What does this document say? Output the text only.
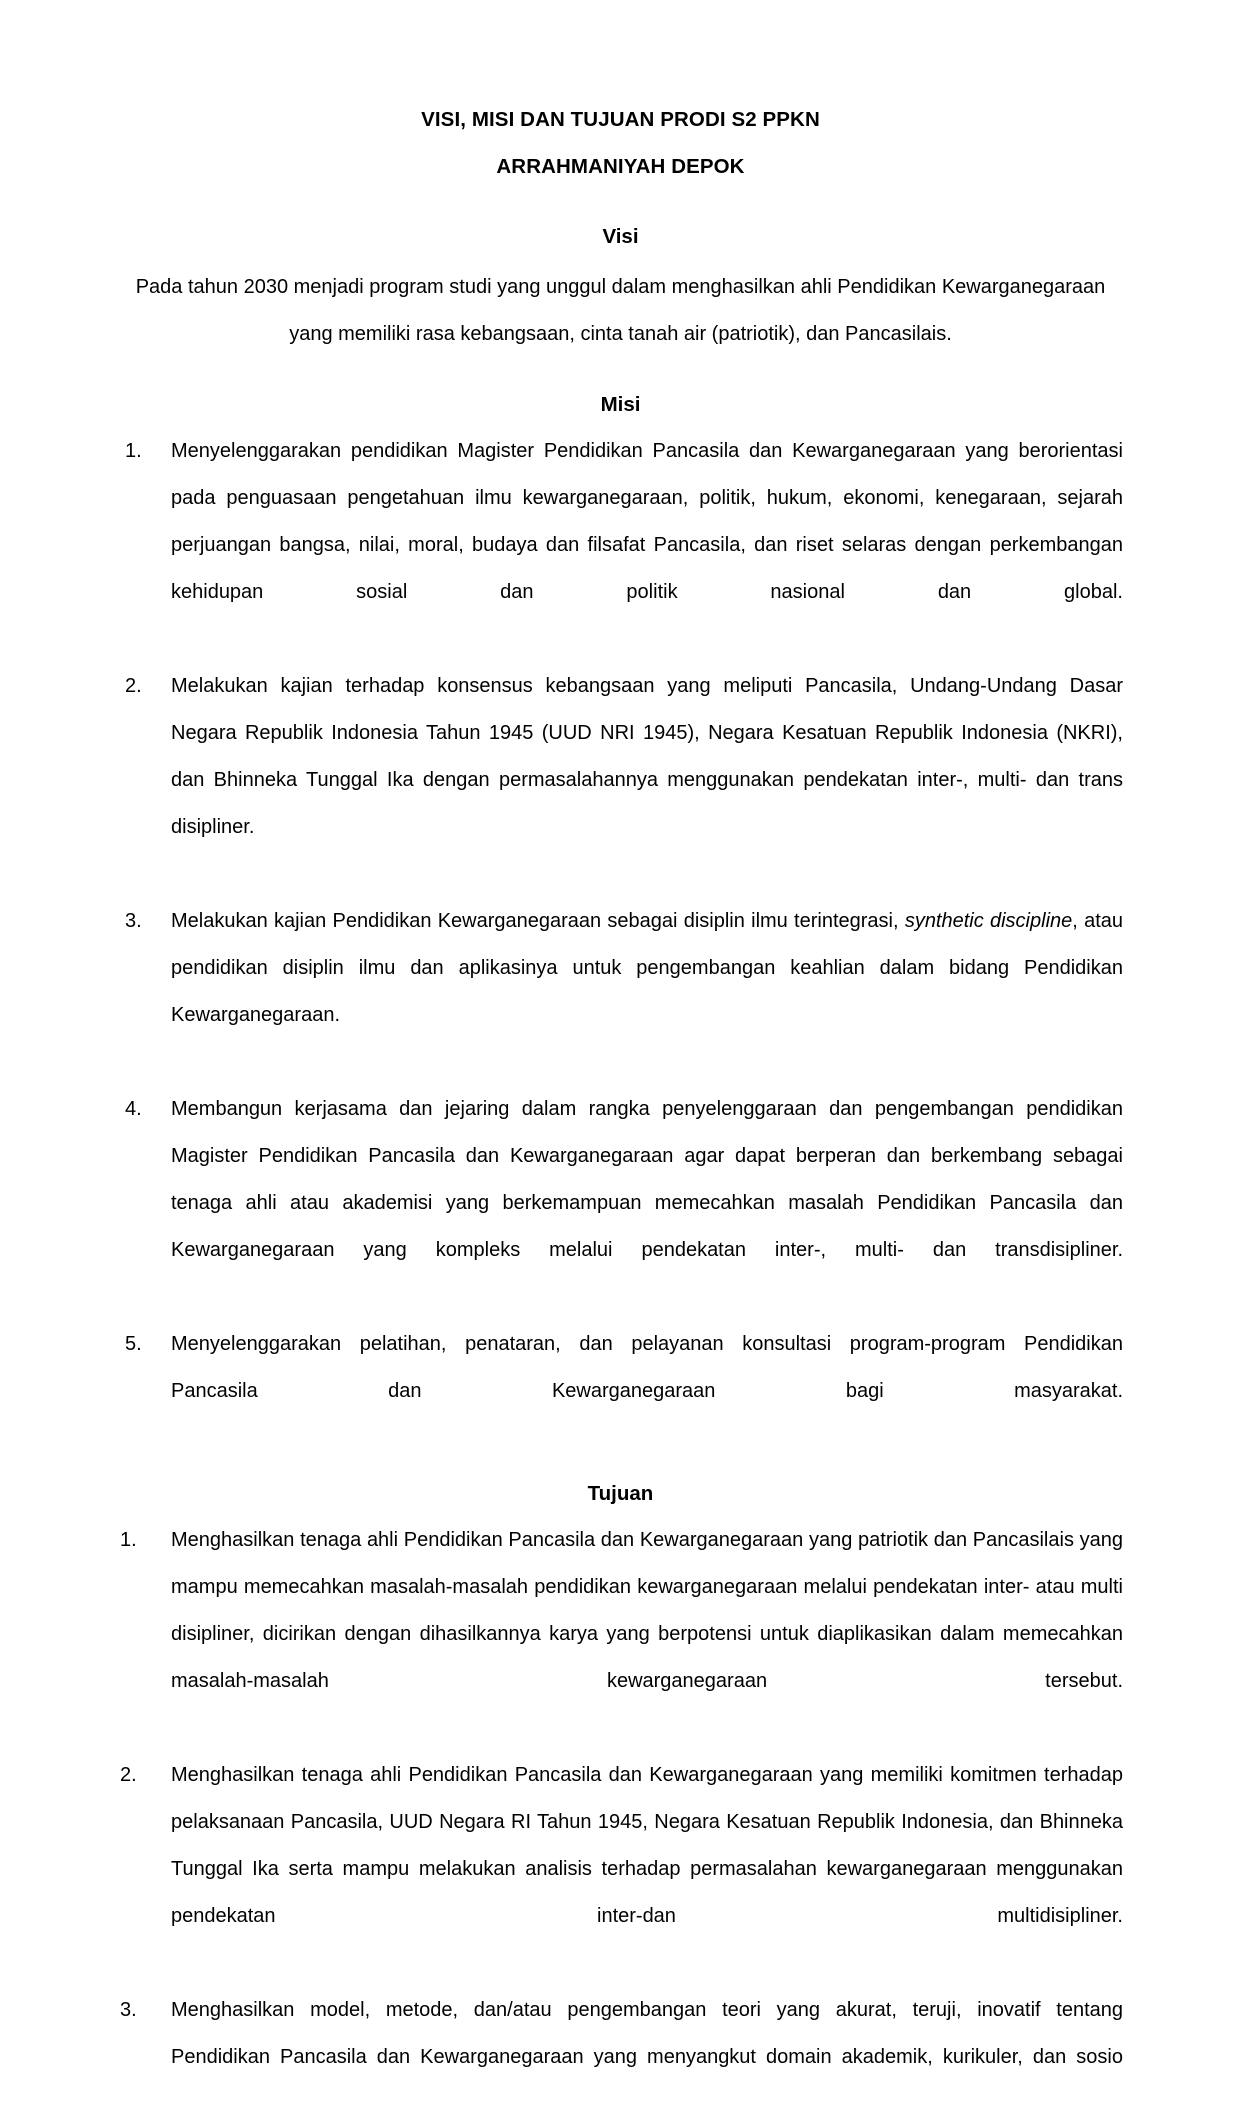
VISI, MISI DAN TUJUAN PRODI S2 PPKN
ARRAHMANIYAH DEPOK
Visi
Pada tahun 2030 menjadi program studi yang unggul dalam menghasilkan ahli Pendidikan Kewarganegaraan yang memiliki rasa kebangsaan, cinta tanah air (patriotik), dan Pancasilais.
Misi
1.	Menyelenggarakan pendidikan Magister Pendidikan Pancasila dan Kewarganegaraan yang berorientasi pada penguasaan pengetahuan ilmu kewarganegaraan, politik, hukum, ekonomi, kenegaraan, sejarah perjuangan bangsa, nilai, moral, budaya dan filsafat Pancasila, dan riset selaras dengan perkembangan kehidupan sosial dan politik nasional dan global.
2.	Melakukan kajian terhadap konsensus kebangsaan yang meliputi Pancasila, Undang-Undang Dasar Negara Republik Indonesia Tahun 1945 (UUD NRI 1945), Negara Kesatuan Republik Indonesia (NKRI), dan Bhinneka Tunggal Ika dengan permasalahannya menggunakan pendekatan inter-, multi- dan trans disipliner.
3.	Melakukan kajian Pendidikan Kewarganegaraan sebagai disiplin ilmu terintegrasi, synthetic discipline, atau pendidikan disiplin ilmu dan aplikasinya untuk pengembangan keahlian dalam bidang Pendidikan Kewarganegaraan.
4.	Membangun kerjasama dan jejaring dalam rangka penyelenggaraan dan pengembangan pendidikan Magister Pendidikan Pancasila dan Kewarganegaraan agar dapat berperan dan berkembang sebagai tenaga ahli atau akademisi yang berkemampuan memecahkan masalah Pendidikan Pancasila dan Kewarganegaraan yang kompleks melalui pendekatan inter-, multi- dan transdisipliner.
5.	Menyelenggarakan pelatihan, penataran, dan pelayanan konsultasi program-program Pendidikan Pancasila dan Kewarganegaraan bagi masyarakat.
Tujuan
1.	Menghasilkan tenaga ahli Pendidikan Pancasila dan Kewarganegaraan yang patriotik dan Pancasilais yang mampu memecahkan masalah-masalah pendidikan kewarganegaraan melalui pendekatan inter- atau multi disipliner, dicirikan dengan dihasilkannya karya yang berpotensi untuk diaplikasikan dalam memecahkan masalah-masalah kewarganegaraan tersebut.
2.	Menghasilkan tenaga ahli Pendidikan Pancasila dan Kewarganegaraan yang memiliki komitmen terhadap pelaksanaan Pancasila, UUD Negara RI Tahun 1945, Negara Kesatuan Republik Indonesia, dan Bhinneka Tunggal Ika serta mampu melakukan analisis terhadap permasalahan kewarganegaraan menggunakan pendekatan inter-dan multidisipliner.
3.	Menghasilkan model, metode, dan/atau pengembangan teori yang akurat, teruji, inovatif tentang Pendidikan Pancasila dan Kewarganegaraan yang menyangkut domain akademik, kurikuler, dan sosio
